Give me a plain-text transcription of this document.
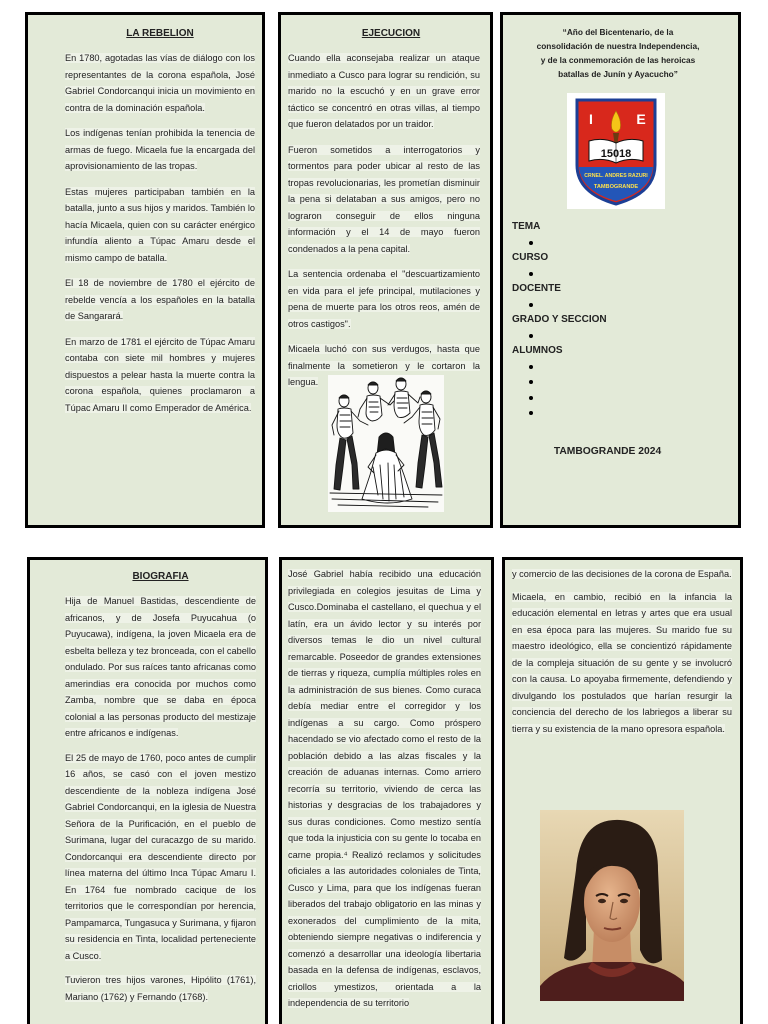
LA REBELION

En 1780, agotadas las vías de diálogo con los representantes de la corona española, José Gabriel Condorcanqui inicia un movimiento en contra de la dominación española.

Los indígenas tenían prohibida la tenencia de armas de fuego. Micaela fue la encargada del aprovisionamiento de las tropas.

Estas mujeres participaban también en la batalla, junto a sus hijos y maridos. También lo hacía Micaela, quien con su carácter enérgico infundía aliento a Túpac Amaru desde el mismo campo de batalla.

El 18 de noviembre de 1780 el ejército de rebelde vencía a los españoles en la batalla de Sangarará.

En marzo de 1781 el ejército de Túpac Amaru contaba con siete mil hombres y mujeres dispuestos a pelear hasta la muerte contra la corona española, quienes proclamaron a Túpac Amaru II como Emperador de América.

EJECUCION

Cuando ella aconsejaba realizar un ataque inmediato a Cusco para lograr su rendición, su marido no la escuchó y en un grave error táctico se concentró en otras villas, al tiempo que fueron delatados por un traidor.

Fueron sometidos a interrogatorios y tormentos para poder ubicar al resto de las tropas revolucionarias, les prometían disminuir la pena si delataban a sus amigos, pero no lograron conseguir de ellos ninguna información y el 14 de mayo fueron condenados a la pena capital.

La sentencia ordenaba el "descuartizamiento en vida para el jefe principal, mutilaciones y pena de muerte para los otros reos, amén de otros castigos".

Micaela luchó con sus verdugos, hasta que finalmente la sometieron y le cortaron la lengua.

“Año del Bicentenario, de la
consolidación de nuestra Independencia,
y de la conmemoración de las heroicas
batallas de Junín y Ayacucho”
I	E
15018
CRNEL. ANDRES RAZURI
TAMBOGRANDE
TEMA
CURSO
DOCENTE
GRADO Y SECCION
ALUMNOS
TAMBOGRANDE 2024
BIOGRAFIA

Hija de Manuel Bastidas, descendiente de africanos, y de Josefa Puyucahua (o Puyucawa), indígena, la joven Micaela era de esbelta belleza y tez bronceada, con el cabello ondulado. Por sus raíces tanto africanas como amerindias era conocida por muchos como Zamba, nombre que se daba en época colonial a las personas producto del mestizaje entre africanos e indígenas.

El 25 de mayo de 1760, poco antes de cumplir 16 años, se casó con el joven mestizo descendiente de la nobleza indígena José Gabriel Condorcanqui, en la iglesia de Nuestra Señora de la Purificación, en el pueblo de Surimana, lugar del curacazgo de su marido. Condorcanqui era descendiente directo por línea materna del último Inca Túpac Amaru I. En 1764 fue nombrado cacique de los territorios que le correspondían por herencia, Pampamarca, Tungasuca y Surimana, y fijaron su residencia en Tinta, localidad perteneciente a Cusco.

Tuvieron tres hijos varones, Hipólito (1761), Mariano (1762) y Fernando (1768).

José Gabriel había recibido una educación privilegiada en colegios jesuitas de Lima y Cusco.Dominaba el castellano, el quechua y el latín, era un ávido lector y su interés por diversos temas le dio un nivel cultural remarcable. Poseedor de grandes extensiones de tierras y riqueza, cumplía múltiples roles en la administración de sus bienes. Como curaca debía mediar entre el corregidor y los indígenas a su cargo. Como próspero hacendado se vio afectado como el resto de la población debido a las alzas fiscales y la creación de aduanas internas. Como arriero recorría su territorio, viviendo de cerca las historias y desgracias de los trabajadores y sus duras condiciones. Como mestizo sentía que toda la injusticia con su gente lo tocaba en carne propia.⁴ Realizó reclamos y solicitudes oficiales a las autoridades coloniales de Tinta, Cusco y Lima, para que los indígenas fueran liberados del trabajo obligatorio en las minas y exonerados del cumplimiento de la mita, obteniendo siempre negativas o indiferencia y comenzó a desarrollar una ideología libertaria basada en la defensa de indígenas, esclavos, criollos ymestizos, orientada a la independencia de su territorio

y comercio de las decisiones de la corona de España.

Micaela, en cambio, recibió en la infancia la educación elemental en letras y artes que era usual en esa época para las mujeres. Su marido fue su maestro ideológico, ella se concientizó rápidamente de la compleja situación de su gente y se involucró con la causa. Lo apoyaba firmemente, defendiendo y divulgando los postulados que harían resurgir la conciencia del derecho de los labriegos a liberar su tierra y su existencia de la mano opresora española.
